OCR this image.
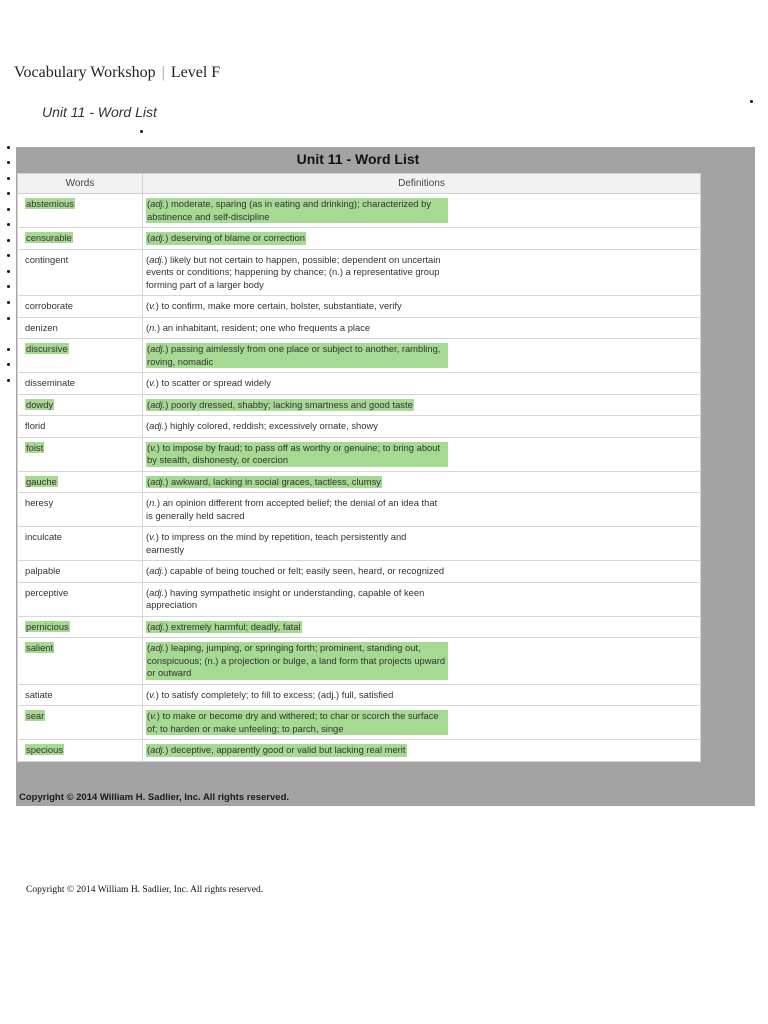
Vocabulary Workshop | Level F
Unit 11 - Word List
Unit 11 - Word List
Words	Definitions
abstemious	(adj.) moderate, sparing (as in eating and drinking); characterized by abstinence and self-discipline
censurable	(adj.) deserving of blame or correction
contingent	(adj.) likely but not certain to happen, possible; dependent on uncertain events or conditions; happening by chance; (n.) a representative group forming part of a larger body
corroborate	(v.) to confirm, make more certain, bolster, substantiate, verify
denizen	(n.) an inhabitant, resident; one who frequents a place
discursive	(adj.) passing aimlessly from one place or subject to another, rambling, roving, nomadic
disseminate	(v.) to scatter or spread widely
dowdy	(adj.) poorly dressed, shabby; lacking smartness and good taste
florid	(adj.) highly colored, reddish; excessively ornate, showy
foist	(v.) to impose by fraud; to pass off as worthy or genuine; to bring about by stealth, dishonesty, or coercion
gauche	(adj.) awkward, lacking in social graces, tactless, clumsy
heresy	(n.) an opinion different from accepted belief; the denial of an idea that is generally held sacred
inculcate	(v.) to impress on the mind by repetition, teach persistently and earnestly
palpable	(adj.) capable of being touched or felt; easily seen, heard, or recognized
perceptive	(adj.) having sympathetic insight or understanding, capable of keen appreciation
pernicious	(adj.) extremely harmful; deadly, fatal
salient	(adj.) leaping, jumping, or springing forth; prominent, standing out, conspicuous; (n.) a projection or bulge, a land form that projects upward or outward
satiate	(v.) to satisfy completely; to fill to excess; (adj.) full, satisfied
sear	(v.) to make or become dry and withered; to char or scorch the surface of; to harden or make unfeeling; to parch, singe
specious	(adj.) deceptive, apparently good or valid but lacking real merit
Copyright © 2014 William H. Sadlier, Inc. All rights reserved.
Copyright © 2014 William H. Sadlier, Inc. All rights reserved.
